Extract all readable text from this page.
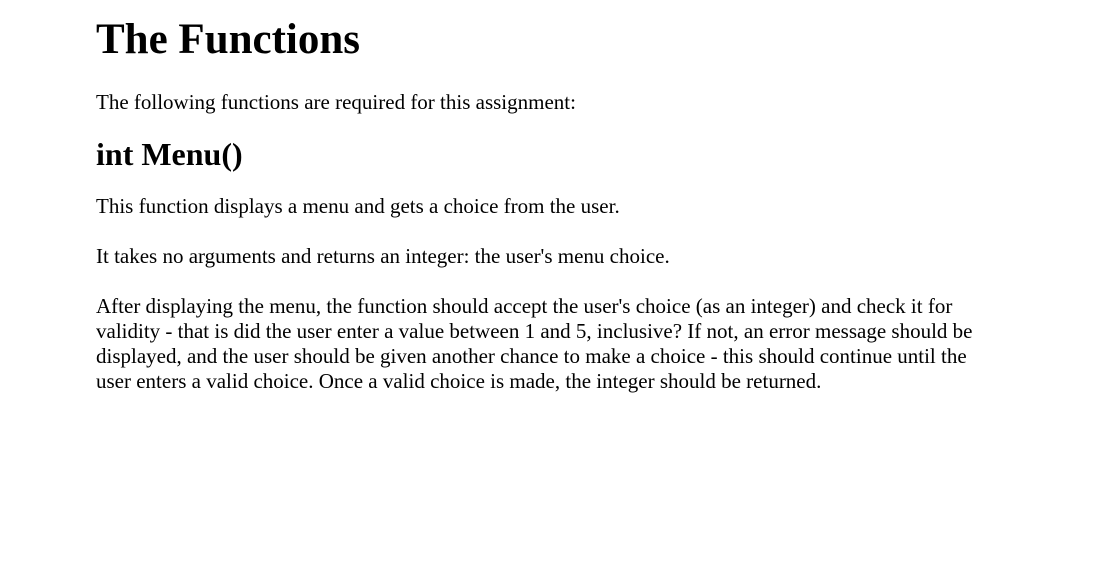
The Functions

The following functions are required for this assignment:

int Menu()

This function displays a menu and gets a choice from the user.

It takes no arguments and returns an integer: the user's menu choice.

After displaying the menu, the function should accept the user's choice (as an integer) and check it for validity - that is did the user enter a value between 1 and 5, inclusive? If not, an error message should be displayed, and the user should be given another chance to make a choice - this should continue until the user enters a valid choice. Once a valid choice is made, the integer should be returned.
